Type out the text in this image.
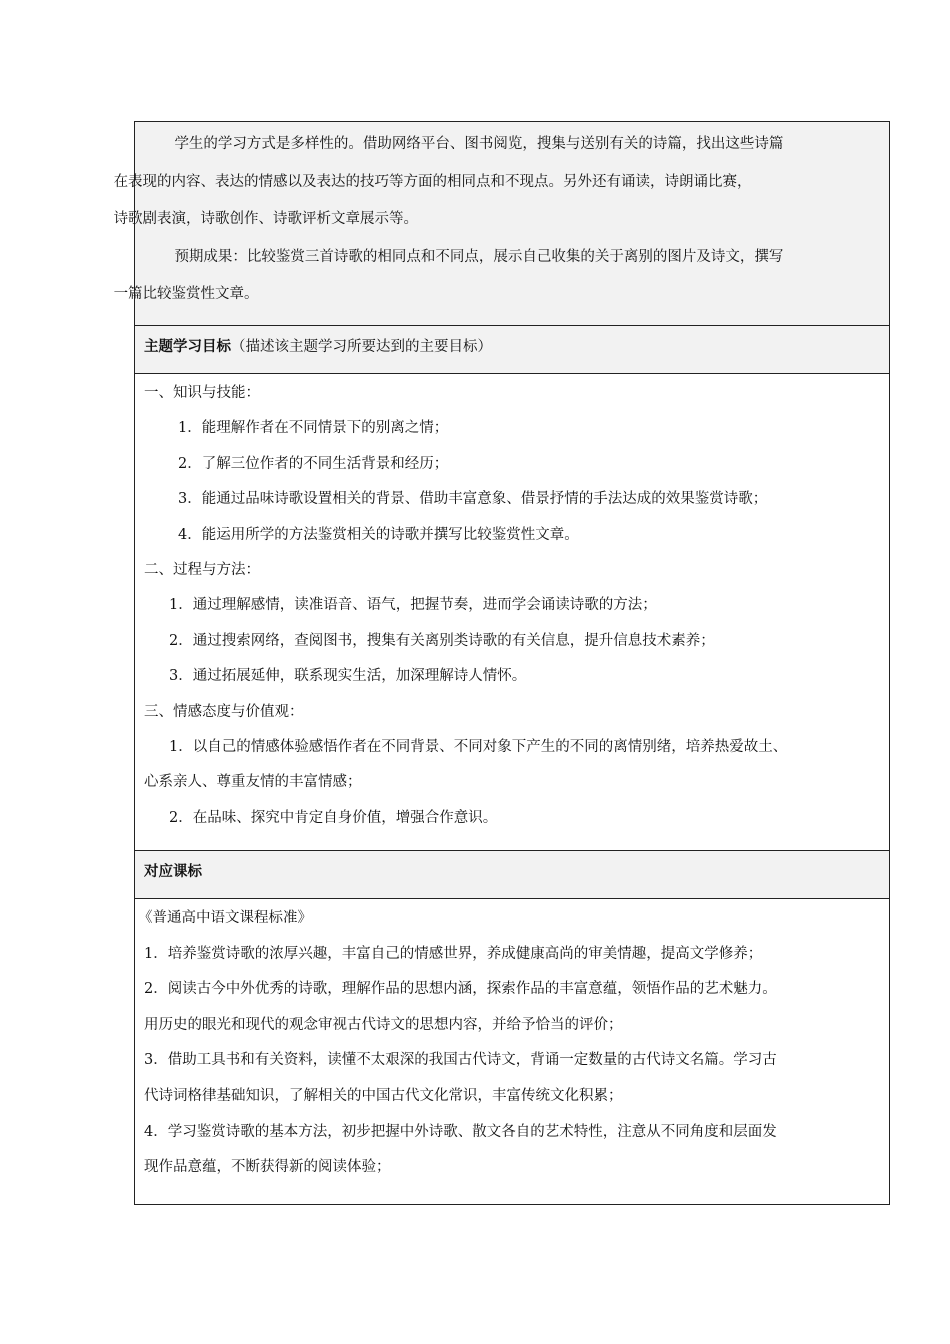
学生的学习方式是多样性的。借助网络平台、图书阅览，搜集与送别有关的诗篇，找出这些诗篇
在表现的内容、表达的情感以及表达的技巧等方面的相同点和不现点。另外还有诵读，诗朗诵比赛，
诗歌剧表演，诗歌创作、诗歌评析文章展示等。

预期成果：比较鉴赏三首诗歌的相同点和不同点，展示自己收集的关于离别的图片及诗文，撰写
一篇比较鉴赏性文章。

主题学习目标（描述该主题学习所要达到的主要目标）
一、知识与技能：
1．能理解作者在不同情景下的别离之情；
2．了解三位作者的不同生活背景和经历；
3．能通过品味诗歌设置相关的背景、借助丰富意象、借景抒情的手法达成的效果鉴赏诗歌；
4．能运用所学的方法鉴赏相关的诗歌并撰写比较鉴赏性文章。
二、过程与方法：
1．通过理解感情，读准语音、语气，把握节奏，进而学会诵读诗歌的方法；
2．通过搜索网络，查阅图书，搜集有关离别类诗歌的有关信息，提升信息技术素养；
3．通过拓展延伸，联系现实生活，加深理解诗人情怀。
三、情感态度与价值观：
1．以自己的情感体验感悟作者在不同背景、不同对象下产生的不同的离情别绪，培养热爱故土、
心系亲人、尊重友情的丰富情感；
2．在品味、探究中肯定自身价值，增强合作意识。
对应课标
《普通高中语文课程标准》
1．培养鉴赏诗歌的浓厚兴趣，丰富自己的情感世界，养成健康高尚的审美情趣，提高文学修养；
2．阅读古今中外优秀的诗歌，理解作品的思想内涵，探索作品的丰富意蕴，领悟作品的艺术魅力。
用历史的眼光和现代的观念审视古代诗文的思想内容，并给予恰当的评价；
3．借助工具书和有关资料，读懂不太艰深的我国古代诗文，背诵一定数量的古代诗文名篇。学习古
代诗词格律基础知识，了解相关的中国古代文化常识，丰富传统文化积累；
4．学习鉴赏诗歌的基本方法，初步把握中外诗歌、散文各自的艺术特性，注意从不同角度和层面发
现作品意蕴，不断获得新的阅读体验；
